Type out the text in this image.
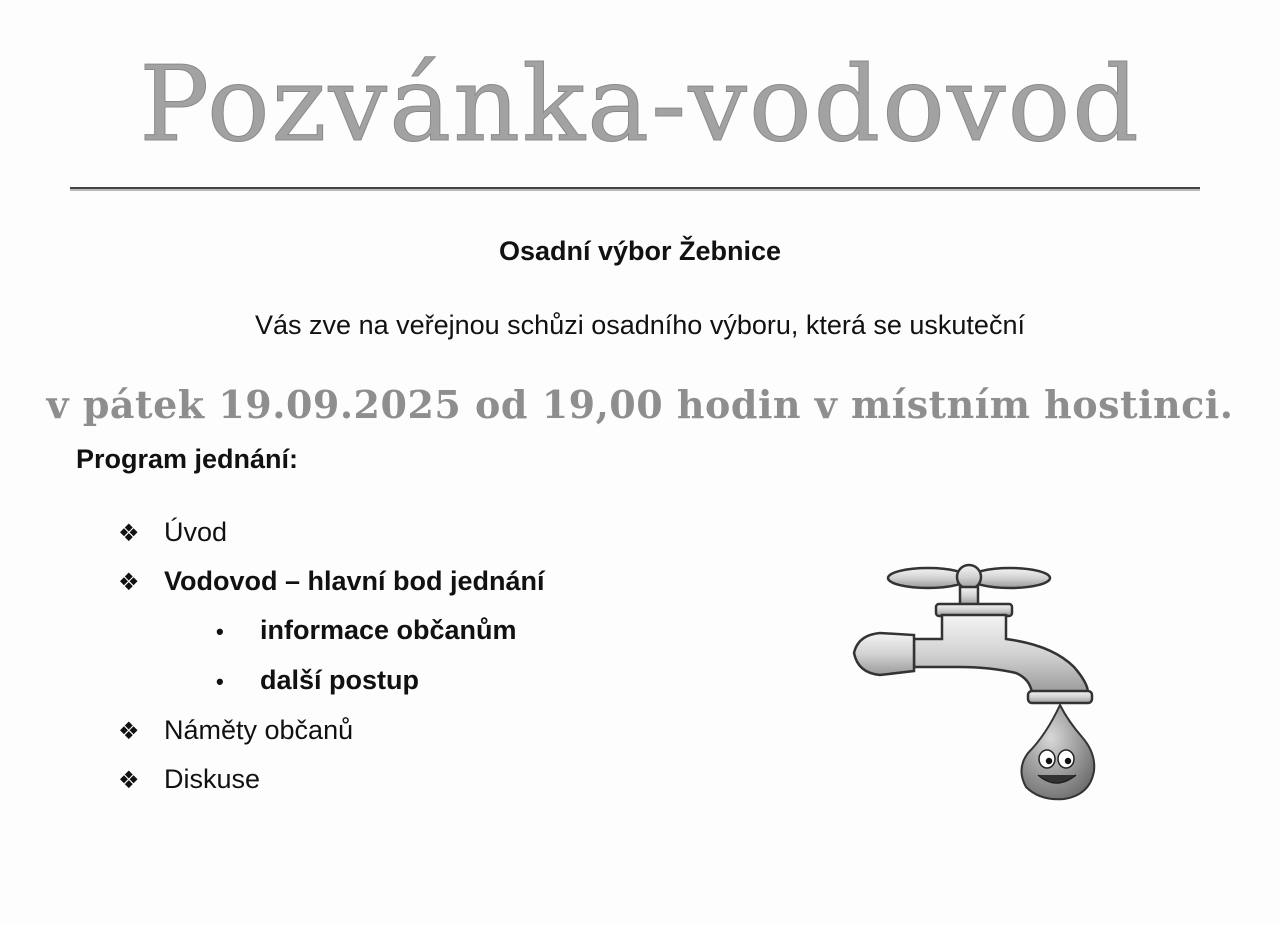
Pozvánka-vodovod
Osadní výbor Žebnice
Vás zve na veřejnou schůzi osadního výboru, která se uskuteční
v pátek 19.09.2025 od 19,00 hodin v místním hostinci.
Program jednání:
❖ Úvod
❖ Vodovod – hlavní bod jednání
• informace občanům
• další postup
❖ Náměty občanů
❖ Diskuse
